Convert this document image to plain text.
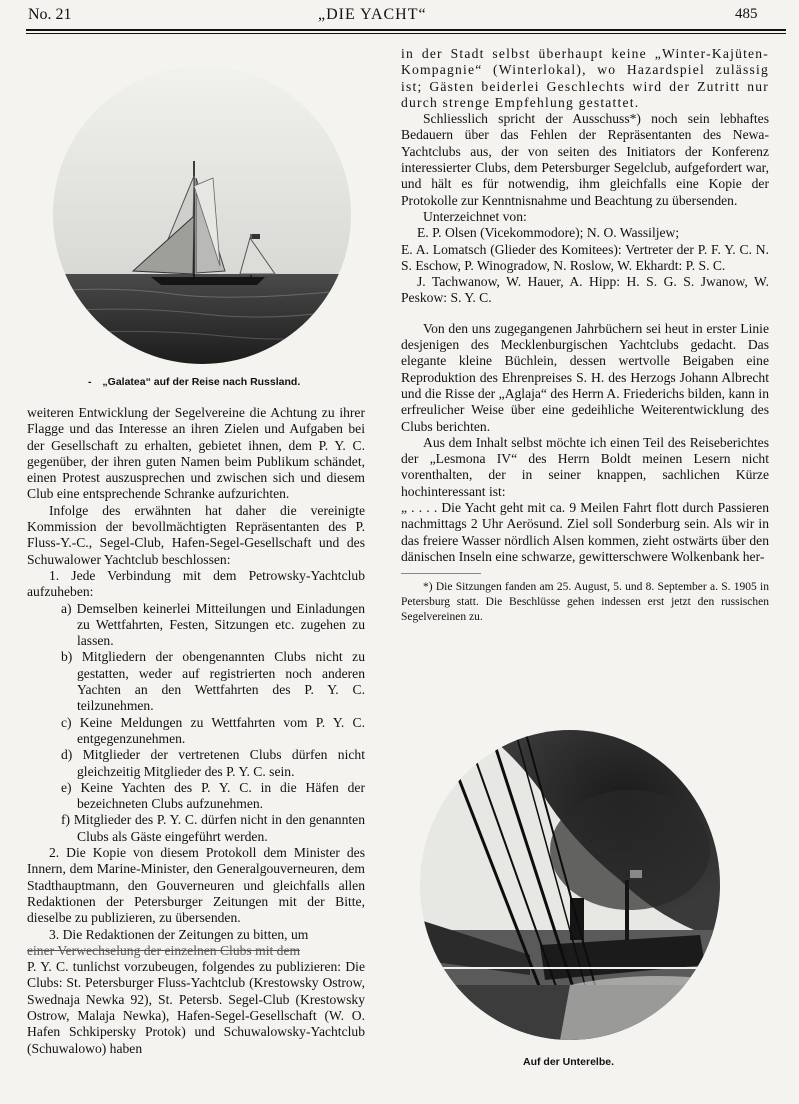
No. 21	„DIE YACHT“	485
- „Galatea“ auf der Reise nach Russland.

weiteren Entwicklung der Segelvereine die Achtung zu ihrer Flagge und das Interesse an ihren Zielen und Aufgaben bei der Gesellschaft zu erhalten, gebietet ihnen, dem P. Y. C. gegenüber, der ihren guten Namen beim Publikum schändet, einen Protest auszusprechen und zwischen sich und diesem Club eine entsprechende Schranke aufzurichten.

Infolge des erwähnten hat daher die vereinigte Kommission der bevollmächtigten Repräsentanten des P. Fluss-Y.-C., Segel-Club, Hafen-Segel-Gesellschaft und des Schuwalower Yachtclub beschlossen:

1. Jede Verbindung mit dem Petrowsky-Yachtclub aufzuheben:

a) Demselben keinerlei Mitteilungen und Einladungen zu Wettfahrten, Festen, Sitzungen etc. zugehen zu lassen.

b) Mitgliedern der obengenannten Clubs nicht zu gestatten, weder auf registrierten noch anderen Yachten an den Wettfahrten des P. Y. C. teilzunehmen.

c) Keine Meldungen zu Wettfahrten vom P. Y. C. entgegenzunehmen.

d) Mitglieder der vertretenen Clubs dürfen nicht gleichzeitig Mitglieder des P. Y. C. sein.

e) Keine Yachten des P. Y. C. in die Häfen der bezeichneten Clubs aufzunehmen.

f) Mitglieder des P. Y. C. dürfen nicht in den genannten Clubs als Gäste eingeführt werden.

2. Die Kopie von diesem Protokoll dem Minister des Innern, dem Marine-Minister, den Generalgouverneuren, dem Stadthauptmann, den Gouverneuren und gleichfalls allen Redaktionen der Petersburger Zeitungen mit der Bitte, dieselbe zu publizieren, zu übersenden.

3. Die Redaktionen der Zeitungen zu bitten, um

einer Verwechselung der einzelnen Clubs mit dem

P. Y. C. tunlichst vorzubeugen, folgendes zu publizieren: Die Clubs: St. Petersburger Fluss-Yachtclub (Krestowsky Ostrow, Swednaja Newka 92), St. Petersb. Segel-Club (Krestowsky Ostrow, Malaja Newka), Hafen-Segel-Gesellschaft (W. O. Hafen Schkipersky Protok) und Schuwalowsky-Yachtclub (Schuwalowo) haben

in der Stadt selbst überhaupt keine „Winter-Kajüten-Kompagnie“ (Winterlokal), wo Hazardspiel zulässig ist; Gästen beiderlei Geschlechts wird der Zutritt nur durch strenge Empfehlung gestattet.

Schliesslich spricht der Ausschuss*) noch sein lebhaftes Bedauern über das Fehlen der Repräsentanten des Newa-Yachtclubs aus, der von seiten des Initiators der Konferenz interessierter Clubs, dem Petersburger Segelclub, aufgefordert war, und hält es für notwendig, ihm gleichfalls eine Kopie der Protokolle zur Kenntnisnahme und Beachtung zu übersenden.

Unterzeichnet von:

E. P. Olsen (Vicekommodore); N. O. Wassiljew;

E. A. Lomatsch (Glieder des Komitees): Vertreter der P. F. Y. C. N. S. Eschow, P. Winogradow, N. Roslow, W. Ekhardt: P. S. C.

J. Tachwanow, W. Hauer, A. Hipp: H. S. G. S. Jwanow, W. Peskow: S. Y. C.

Von den uns zugegangenen Jahrbüchern sei heut in erster Linie desjenigen des Mecklenburgischen Yachtclubs gedacht. Das elegante kleine Büchlein, dessen wertvolle Beigaben eine Reproduktion des Ehrenpreises S. H. des Herzogs Johann Albrecht und die Risse der „Aglaja“ des Herrn A. Friederichs bilden, kann in erfreulicher Weise über eine gedeihliche Weiterentwicklung des Clubs berichten.

Aus dem Inhalt selbst möchte ich einen Teil des Reiseberichtes der „Lesmona IV“ des Herrn Boldt meinen Lesern nicht vorenthalten, der in seiner knappen, sachlichen Kürze hochinteressant ist:

„ . . . . Die Yacht geht mit ca. 9 Meilen Fahrt flott durch Passieren nachmittags 2 Uhr Aerösund. Ziel soll Sonderburg sein. Als wir in das freiere Wasser nördlich Alsen kommen, zieht ostwärts über den dänischen Inseln eine schwarze, gewitterschwere Wolkenbank her-

*) Die Sitzungen fanden am 25. August, 5. und 8. September a. S. 1905 in Petersburg statt. Die Beschlüsse gehen indessen erst jetzt den russischen Segelvereinen zu.

Auf der Unterelbe.
